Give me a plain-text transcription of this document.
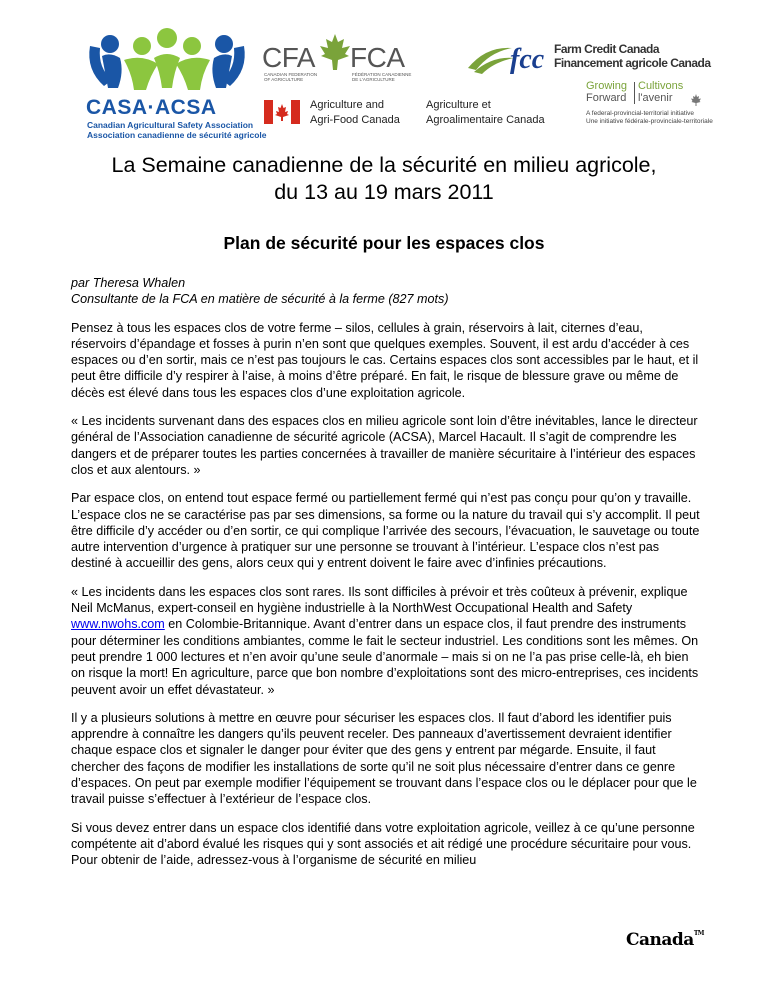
CASA·ACSA
Canadian Agricultural Safety Association
Association canadienne de sécurité agricole
CFA FCA
CANADIAN FEDERATION OF AGRICULTURE
FÉDÉRATION CANADIENNE DE L'AGRICULTURE
fcc Farm Credit Canada
Financement agricole Canada
Agriculture and
Agri-Food Canada
Agriculture et
Agroalimentaire Canada
Growing
Forward
Cultivons
l'avenir
A federal-provincial-territorial initiative
Une initiative fédérale-provinciale-territoriale
La Semaine canadienne de la sécurité en milieu agricole,
du 13 au 19 mars 2011
Plan de sécurité pour les espaces clos

par Theresa Whalen
Consultante de la FCA en matière de sécurité à la ferme (827 mots)

Pensez à tous les espaces clos de votre ferme – silos, cellules à grain, réservoirs à lait, citernes d’eau, réservoirs d’épandage et fosses à purin n’en sont que quelques exemples. Souvent, il est ardu d’accéder à ces espaces ou d’en sortir, mais ce n’est pas toujours le cas. Certains espaces clos sont accessibles par le haut, et il peut être difficile d’y respirer à l’aise, à moins d’être préparé. En fait, le risque de blessure grave ou même de décès est élevé dans tous les espaces clos d’une exploitation agricole.

« Les incidents survenant dans des espaces clos en milieu agricole sont loin d’être inévitables, lance le directeur général de l’Association canadienne de sécurité agricole (ACSA), Marcel Hacault. Il s’agit de comprendre les dangers et de préparer toutes les parties concernées à travailler de manière sécuritaire à l’intérieur des espaces clos et aux alentours. »

Par espace clos, on entend tout espace fermé ou partiellement fermé qui n’est pas conçu pour qu’on y travaille. L’espace clos ne se caractérise pas par ses dimensions, sa forme ou la nature du travail qui s’y accomplit. Il peut être difficile d’y accéder ou d’en sortir, ce qui complique l’arrivée des secours, l’évacuation, le sauvetage ou toute autre intervention d’urgence à pratiquer sur une personne se trouvant à l’intérieur. L’espace clos n’est pas destiné à accueillir des gens, alors ceux qui y entrent doivent le faire avec d’infinies précautions.

« Les incidents dans les espaces clos sont rares. Ils sont difficiles à prévoir et très coûteux à prévenir, explique Neil McManus, expert-conseil en hygiène industrielle à la NorthWest Occupational Health and Safety www.nwohs.com en Colombie-Britannique. Avant d’entrer dans un espace clos, il faut prendre des instruments pour déterminer les conditions ambiantes, comme le fait le secteur industriel. Les conditions sont les mêmes. On peut prendre 1 000 lectures et n’en avoir qu’une seule d’anormale – mais si on ne l’a pas prise celle-là, eh bien on risque la mort! En agriculture, parce que bon nombre d’exploitations sont des micro-entreprises, ces incidents peuvent avoir un effet dévastateur. »

Il y a plusieurs solutions à mettre en œuvre pour sécuriser les espaces clos. Il faut d’abord les identifier puis apprendre à connaître les dangers qu’ils peuvent receler. Des panneaux d’avertissement devraient identifier chaque espace clos et signaler le danger pour éviter que des gens y entrent par mégarde. Ensuite, il faut chercher des façons de modifier les installations de sorte qu’il ne soit plus nécessaire d’entrer dans ce genre d’espaces. On peut par exemple modifier l’équipement se trouvant dans l’espace clos ou le déplacer pour que le travail puisse s’effectuer à l’extérieur de l’espace clos.

Si vous devez entrer dans un espace clos identifié dans votre exploitation agricole, veillez à ce qu’une personne compétente ait d’abord évalué les risques qui y sont associés et ait rédigé une procédure sécuritaire pour vous. Pour obtenir de l’aide, adressez-vous à l’organisme de sécurité en milieu

Canada™
